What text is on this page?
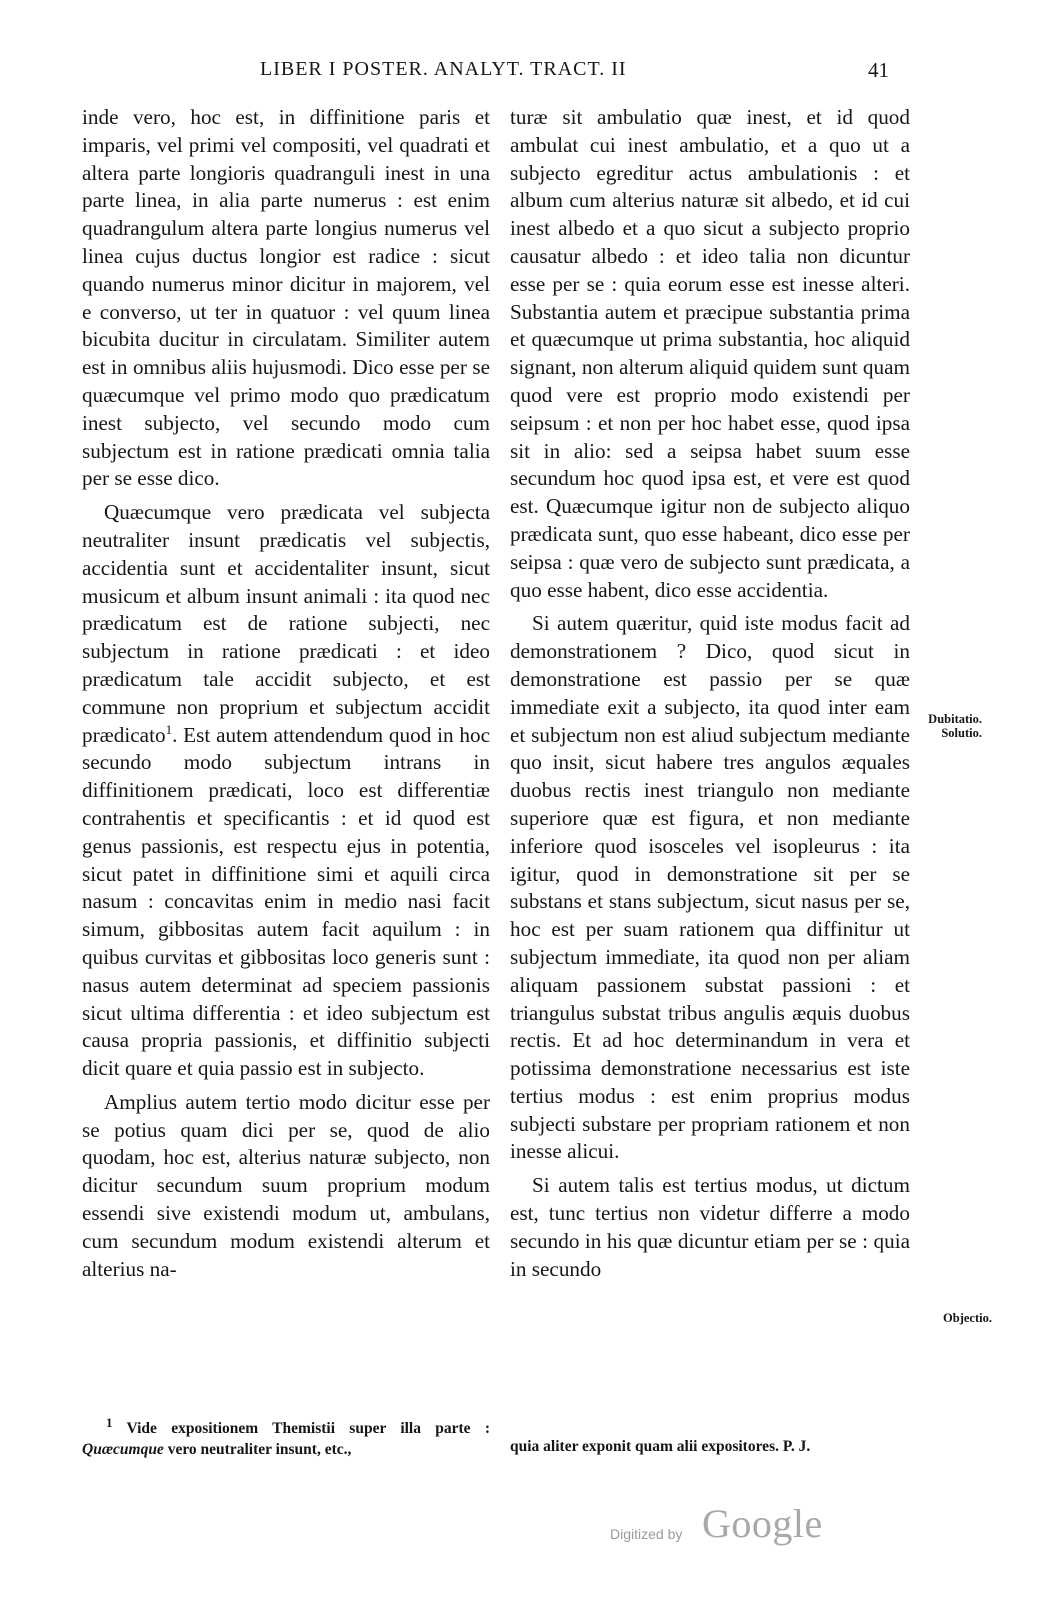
LIBER I POSTER. ANALYT. TRACT. II	41

inde vero, hoc est, in diffinitione paris et imparis, vel primi vel compositi, vel quadrati et altera parte longioris quadranguli inest in una parte linea, in alia parte numerus : est enim quadrangulum altera parte longius numerus vel linea cujus ductus longior est radice : sicut quando numerus minor dicitur in majorem, vel e converso, ut ter in quatuor : vel quum linea bicubita ducitur in circulatam. Similiter autem est in omnibus aliis hujusmodi. Dico esse per se quæcumque vel primo modo quo prædicatum inest subjecto, vel secundo modo cum subjectum est in ratione prædicati omnia talia per se esse dico.

Quæcumque vero prædicata vel subjecta neutraliter insunt prædicatis vel subjectis, accidentia sunt et accidentaliter insunt, sicut musicum et album insunt animali : ita quod nec prædicatum est de ratione subjecti, nec subjectum in ratione prædicati : et ideo prædicatum tale accidit subjecto, et est commune non proprium et subjectum accidit prædicato$^1$. Est autem attendendum quod in hoc secundo modo subjectum intrans in diffinitionem prædicati, loco est differentiæ contrahentis et specificantis : et id quod est genus passionis, est respectu ejus in potentia, sicut patet in diffinitione simi et aquili circa nasum : concavitas enim in medio nasi facit simum, gibbositas autem facit aquilum : in quibus curvitas et gibbositas loco generis sunt : nasus autem determinat ad speciem passionis sicut ultima differentia : et ideo subjectum est causa propria passionis, et diffinitio subjecti dicit quare et quia passio est in subjecto.

Amplius autem tertio modo dicitur esse per se potius quam dici per se, quod de alio quodam, hoc est, alterius naturæ subjecto, non dicitur secundum suum proprium modum essendi sive existendi modum ut, ambulans, cum secundum modum existendi alterum et alterius na-

turæ sit ambulatio quæ inest, et id quod ambulat cui inest ambulatio, et a quo ut a subjecto egreditur actus ambulationis : et album cum alterius naturæ sit albedo, et id cui inest albedo et a quo sicut a subjecto proprio causatur albedo : et ideo talia non dicuntur esse per se : quia eorum esse est inesse alteri. Substantia autem et præcipue substantia prima et quæcumque ut prima substantia, hoc aliquid signant, non alterum aliquid quidem sunt quam quod vere est proprio modo existendi per seipsum : et non per hoc habet esse, quod ipsa sit in alio: sed a seipsa habet suum esse secundum hoc quod ipsa est, et vere est quod est. Quæcumque igitur non de subjecto aliquo prædicata sunt, quo esse habeant, dico esse per seipsa : quæ vero de subjecto sunt prædicata, a quo esse habent, dico esse accidentia.

Si autem quæritur, quid iste modus facit ad demonstrationem ? Dico, quod sicut in demonstratione est passio per se quæ immediate exit a subjecto, ita quod inter eam et subjectum non est aliud subjectum mediante quo insit, sicut habere tres angulos æquales duobus rectis inest triangulo non mediante superiore quæ est figura, et non mediante inferiore quod isosceles vel isopleurus : ita igitur, quod in demonstratione sit per se substans et stans subjectum, sicut nasus per se, hoc est per suam rationem qua diffinitur ut subjectum immediate, ita quod non per aliam aliquam passionem substat passioni : et triangulus substat tribus angulis æquis duobus rectis. Et ad hoc determinandum in vera et potissima demonstratione necessarius est iste tertius modus : est enim proprius modus subjecti substare per propriam rationem et non inesse alicui.

Si autem talis est tertius modus, ut dictum est, tunc tertius non videtur differre a modo secundo in his quæ dicuntur etiam per se : quia in secundo

$^1$ Vide expositionem Themistii super illa parte : Quæcumque vero neutraliter insunt, etc.,	quia aliter exponit quam alii expositores. P. J.
Dubitatio.
Solutio.
Objectio.
Digitized by Google
